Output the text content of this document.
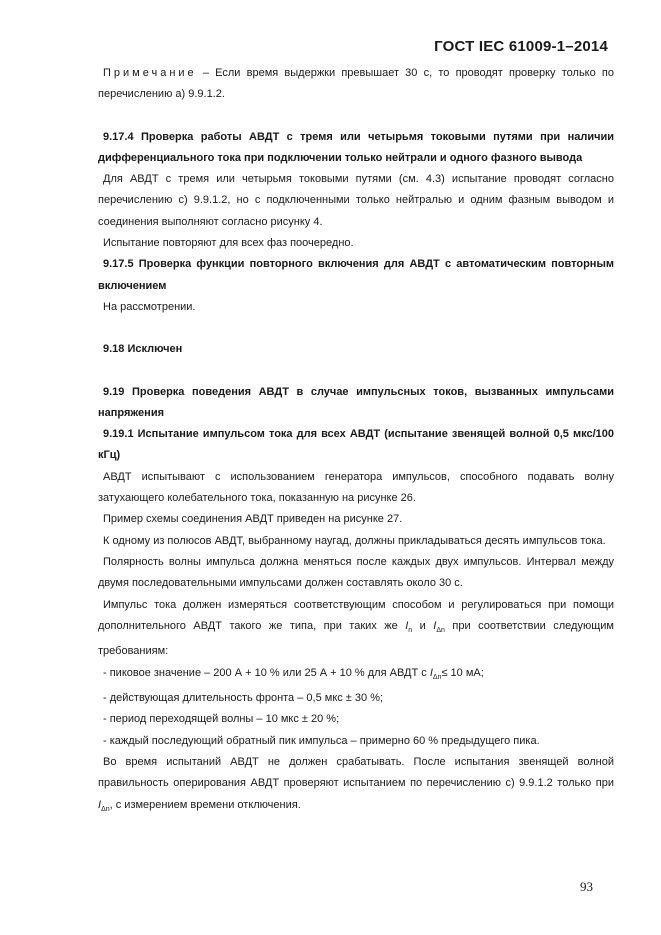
ГОСТ IEC 61009-1–2014

Примечание – Если время выдержки превышает 30 с, то проводят проверку только по перечислению а) 9.9.1.2.

9.17.4 Проверка работы АВДТ с тремя или четырьмя токовыми путями при наличии дифференциального тока при подключении только нейтрали и одного фазного вывода

Для АВДТ с тремя или четырьмя токовыми путями (см. 4.3) испытание проводят согласно перечислению с) 9.9.1.2, но с подключенными только нейтралью и одним фазным выводом и соединения выполняют согласно рисунку 4.

Испытание повторяют для всех фаз поочередно.

9.17.5 Проверка функции повторного включения для АВДТ с автоматическим повторным включением

На рассмотрении.

9.18 Исключен

9.19 Проверка поведения АВДТ в случае импульсных токов, вызванных импульсами напряжения

9.19.1 Испытание импульсом тока для всех АВДТ (испытание звенящей волной 0,5 мкс/100 кГц)

АВДТ испытывают с использованием генератора импульсов, способного подавать волну затухающего колебательного тока, показанную на рисунке 26.

Пример схемы соединения АВДТ приведен на рисунке 27.

К одному из полюсов АВДТ, выбранному наугад, должны прикладываться десять импульсов тока.

Полярность волны импульса должна меняться после каждых двух импульсов. Интервал между двумя последовательными импульсами должен составлять около 30 с.

Импульс тока должен измеряться соответствующим способом и регулироваться при помощи дополнительного АВДТ такого же типа, при таких же $I_n$ и $I_{\Delta n}$ при соответствии следующим требованиям:

- пиковое значение – 200 А + 10 % или 25 А + 10 % для АВДТ с $I_{\Delta n}\le 10$ мА;

- действующая длительность фронта – 0,5 мкс ± 30 %;

- период переходящей волны – 10 мкс ± 20 %;

- каждый последующий обратный пик импульса – примерно 60 % предыдущего пика.

Во время испытаний АВДТ не должен срабатывать. После испытания звенящей волной правильность оперирования АВДТ проверяют испытанием по перечислению с) 9.9.1.2 только при $I_{\Delta n}$, с измерением времени отключения.

93
